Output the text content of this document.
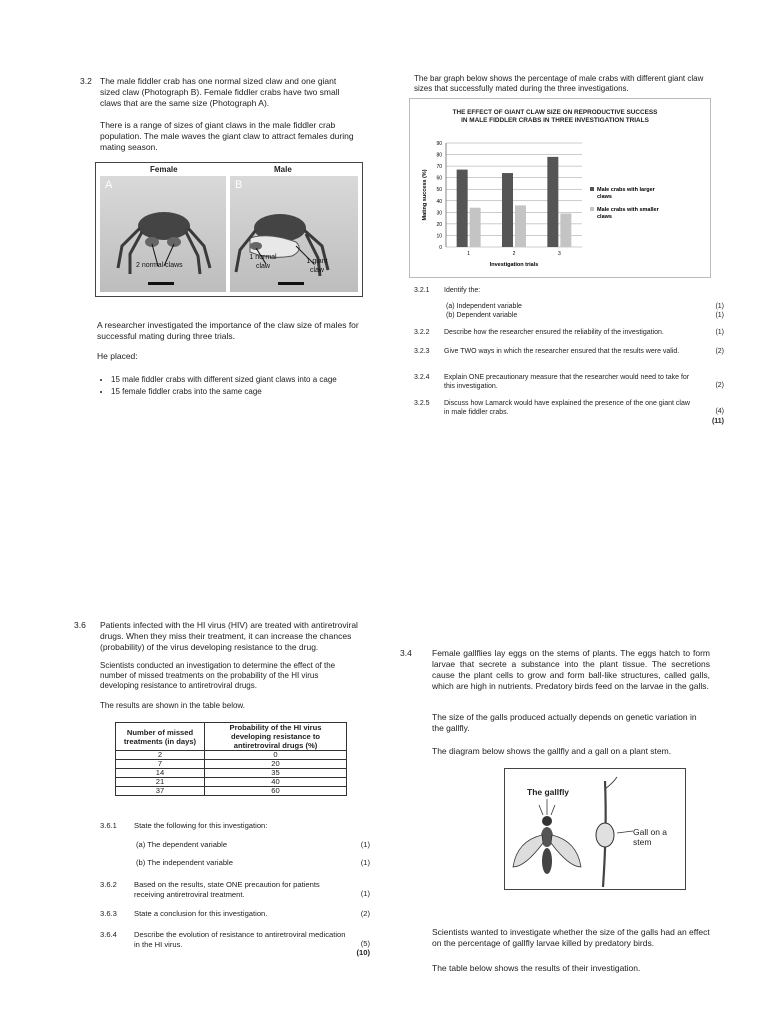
3.2 The male fiddler crab has one normal sized claw and one giant sized claw (Photograph B). Female fiddler crabs have two small claws that are the same size (Photograph A).
There is a range of sizes of giant claws in the male fiddler crab population. The male waves the giant claw to attract females during mating season.
Female	Male
A	B
2 normal claws
1 normal claw
1 giant claw
A researcher investigated the importance of the claw size of males for successful mating during three trials.
He placed:
• 15 male fiddler crabs with different sized giant claws into a cage
• 15 female fiddler crabs into the same cage
The bar graph below shows the percentage of male crabs with different giant claw sizes that successfully mated during the three investigations.
THE EFFECT OF GIANT CLAW SIZE ON REPRODUCTIVE SUCCESS IN MALE FIDDLER CRABS IN THREE INVESTIGATION TRIALS
0
10
20
30
40
50
60
70
80
90
1	2	3
Investigation trials
Mating success (%)	Male crabs with larger claws
Male crabs with smaller claws
3.2.1 Identify the:
(a) Independent variable	(1)
(b) Dependent variable	(1)
3.2.2 Describe how the researcher ensured the reliability of the investigation.	(1)
3.2.3 Give TWO ways in which the researcher ensured that the results were valid.	(2)
3.2.4 Explain ONE precautionary measure that the researcher would need to take for this investigation.	(2)
3.2.5 Discuss how Lamarck would have explained the presence of the one giant claw in male fiddler crabs.	(4)
(11)
3.6 Patients infected with the HI virus (HIV) are treated with antiretroviral drugs. When they miss their treatment, it can increase the chances (probability) of the virus developing resistance to the drug.
Scientists conducted an investigation to determine the effect of the number of missed treatments on the probability of the HI virus developing resistance to antiretroviral drugs.
The results are shown in the table below.
Number of missed treatments (in days)	Probability of the HI virus developing resistance to antiretroviral drugs (%)
2	0
7	20
14	35
21	40
37	60
3.6.1 State the following for this investigation:
(a) The dependent variable	(1)
(b) The independent variable	(1)
3.6.2 Based on the results, state ONE precaution for patients receiving antiretroviral treatment.	(1)
3.6.3 State a conclusion for this investigation.	(2)
3.6.4 Describe the evolution of resistance to antiretroviral medication in the HI virus.	(5)
(10)
3.4 Female gallflies lay eggs on the stems of plants. The eggs hatch to form larvae that secrete a substance into the plant tissue. The secretions cause the plant cells to grow and form ball-like structures, called galls, which are high in nutrients. Predatory birds feed on the larvae in the galls.
The size of the galls produced actually depends on genetic variation in the gallfly.
The diagram below shows the gallfly and a gall on a plant stem.
The gallfly
Gall on a stem
Scientists wanted to investigate whether the size of the galls had an effect on the percentage of gallfly larvae killed by predatory birds.
The table below shows the results of their investigation.
